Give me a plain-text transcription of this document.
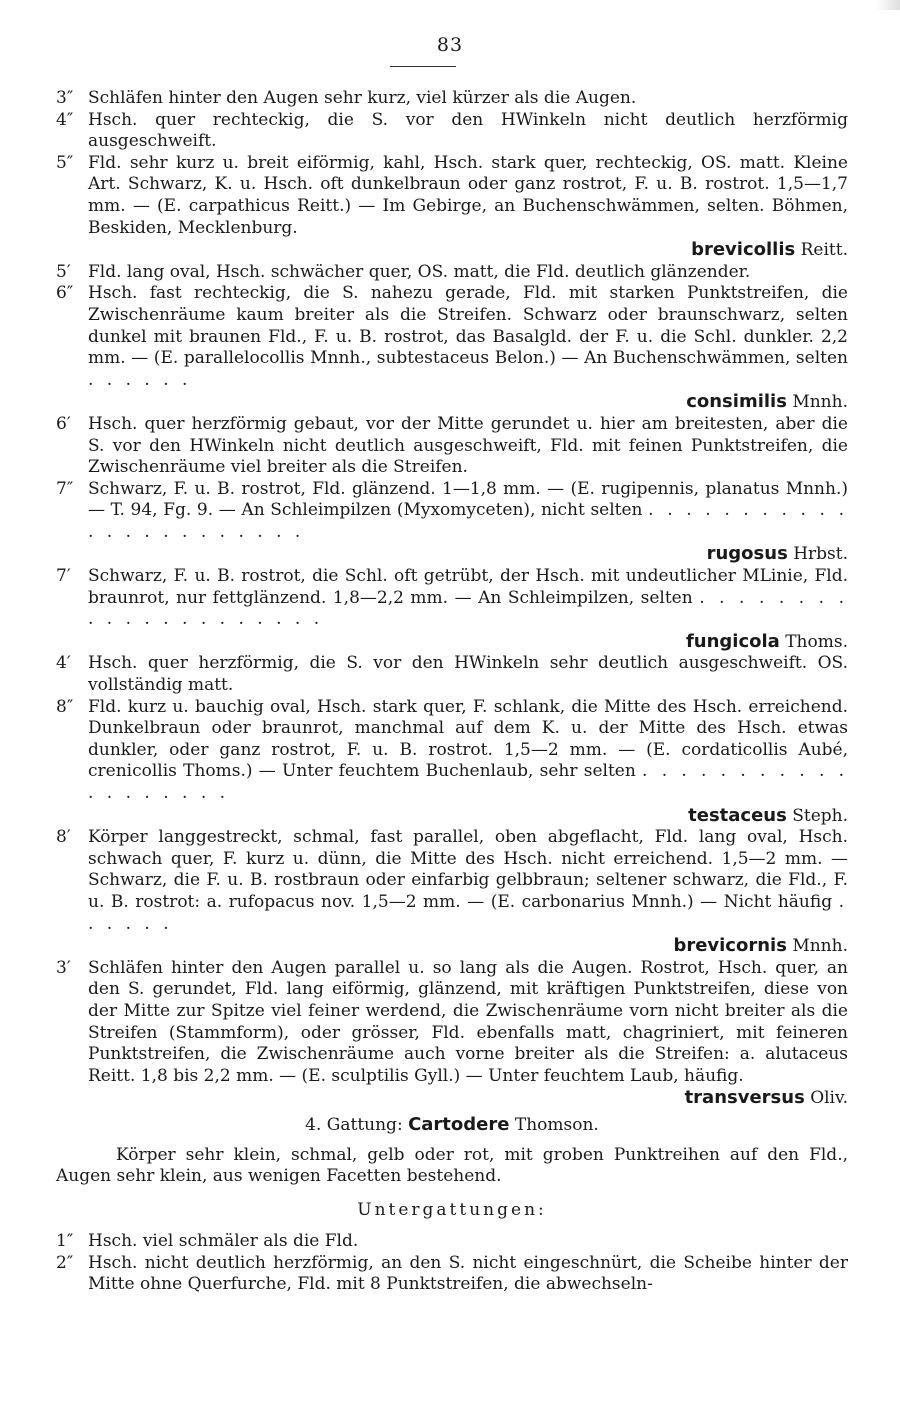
83
3″ Schläfen hinter den Augen sehr kurz, viel kürzer als die Augen.
4″ Hsch. quer rechteckig, die S. vor den HWinkeln nicht deutlich herzförmig ausgeschweift.
5″ Fld. sehr kurz u. breit eiförmig, kahl, Hsch. stark quer, rechteckig, OS. matt. Kleine Art. Schwarz, K. u. Hsch. oft dunkelbraun oder ganz rostrot, F. u. B. rostrot. 1,5—1,7 mm. — (E. carpathicus Reitt.) — Im Gebirge, an Buchenschwämmen, selten. Böhmen, Beskiden, Mecklenburg.
brevicollis Reitt.
5′	Fld. lang oval, Hsch. schwächer quer, OS. matt, die Fld. deutlich glänzender.
6″ Hsch. fast rechteckig, die S. nahezu gerade, Fld. mit starken Punktstreifen, die Zwischenräume kaum breiter als die Streifen. Schwarz oder braunschwarz, selten dunkel mit braunen Fld., F. u. B. rostrot, das Basalgld. der F. u. die Schl. dunkler. 2,2 mm. — (E. parallelocollis Mnnh., subtestaceus Belon.) — An Buchenschwämmen, selten . . . . . .
consimilis Mnnh.
6′	Hsch. quer herzförmig gebaut, vor der Mitte gerundet u. hier am breitesten, aber die S. vor den HWinkeln nicht deutlich ausgeschweift, Fld. mit feinen Punktstreifen, die Zwischenräume viel breiter als die Streifen.
7″ Schwarz, F. u. B. rostrot, Fld. glänzend. 1—1,8 mm. — (E. rugipennis, planatus Mnnh.) — T. 94, Fg. 9. — An Schleimpilzen (Myxomyceten), nicht selten . . . . . . . . . . . . . . . . . . . . . . .
rugosus Hrbst.
7′	Schwarz, F. u. B. rostrot, die Schl. oft getrübt, der Hsch. mit undeutlicher MLinie, Fld. braunrot, nur fettglänzend. 1,8—2,2 mm. — An Schleimpilzen, selten . . . . . . . . . . . . . . . . . . . . .
fungicola Thoms.
4′	Hsch. quer herzförmig, die S. vor den HWinkeln sehr deutlich ausgeschweift. OS. vollständig matt.
8″ Fld. kurz u. bauchig oval, Hsch. stark quer, F. schlank, die Mitte des Hsch. erreichend. Dunkelbraun oder braunrot, manchmal auf dem K. u. der Mitte des Hsch. etwas dunkler, oder ganz rostrot, F. u. B. rostrot. 1,5—2 mm. — (E. cordaticollis Aubé, crenicollis Thoms.) — Unter feuchtem Buchenlaub, sehr selten . . . . . . . . . . . . . . . . . . .
testaceus Steph.
8′	Körper langgestreckt, schmal, fast parallel, oben abgeflacht, Fld. lang oval, Hsch. schwach quer, F. kurz u. dünn, die Mitte des Hsch. nicht erreichend. 1,5—2 mm. — Schwarz, die F. u. B. rostbraun oder einfarbig gelbbraun; seltener schwarz, die Fld., F. u. B. rostrot: a. rufopacus nov. 1,5—2 mm. — (E. carbonarius Mnnh.) — Nicht häufig . . . . . .
brevicornis Mnnh.
3′	Schläfen hinter den Augen parallel u. so lang als die Augen. Rostrot, Hsch. quer, an den S. gerundet, Fld. lang eiförmig, glänzend, mit kräftigen Punktstreifen, diese von der Mitte zur Spitze viel feiner werdend, die Zwischenräume vorn nicht breiter als die Streifen (Stammform), oder grösser, Fld. ebenfalls matt, chagriniert, mit feineren Punktstreifen, die Zwischenräume auch vorne breiter als die Streifen: a. alutaceus Reitt. 1,8 bis 2,2 mm. — (E. sculptilis Gyll.) — Unter feuchtem Laub, häufig.
transversus Oliv.
4. Gattung: Cartodere Thomson.
Körper sehr klein, schmal, gelb oder rot, mit groben Punktreihen auf den Fld., Augen sehr klein, aus wenigen Facetten bestehend.
Untergattungen:
1″ Hsch. viel schmäler als die Fld.
2″ Hsch. nicht deutlich herzförmig, an den S. nicht eingeschnürt, die Scheibe hinter der Mitte ohne Querfurche, Fld. mit 8 Punktstreifen, die abwechseln-
